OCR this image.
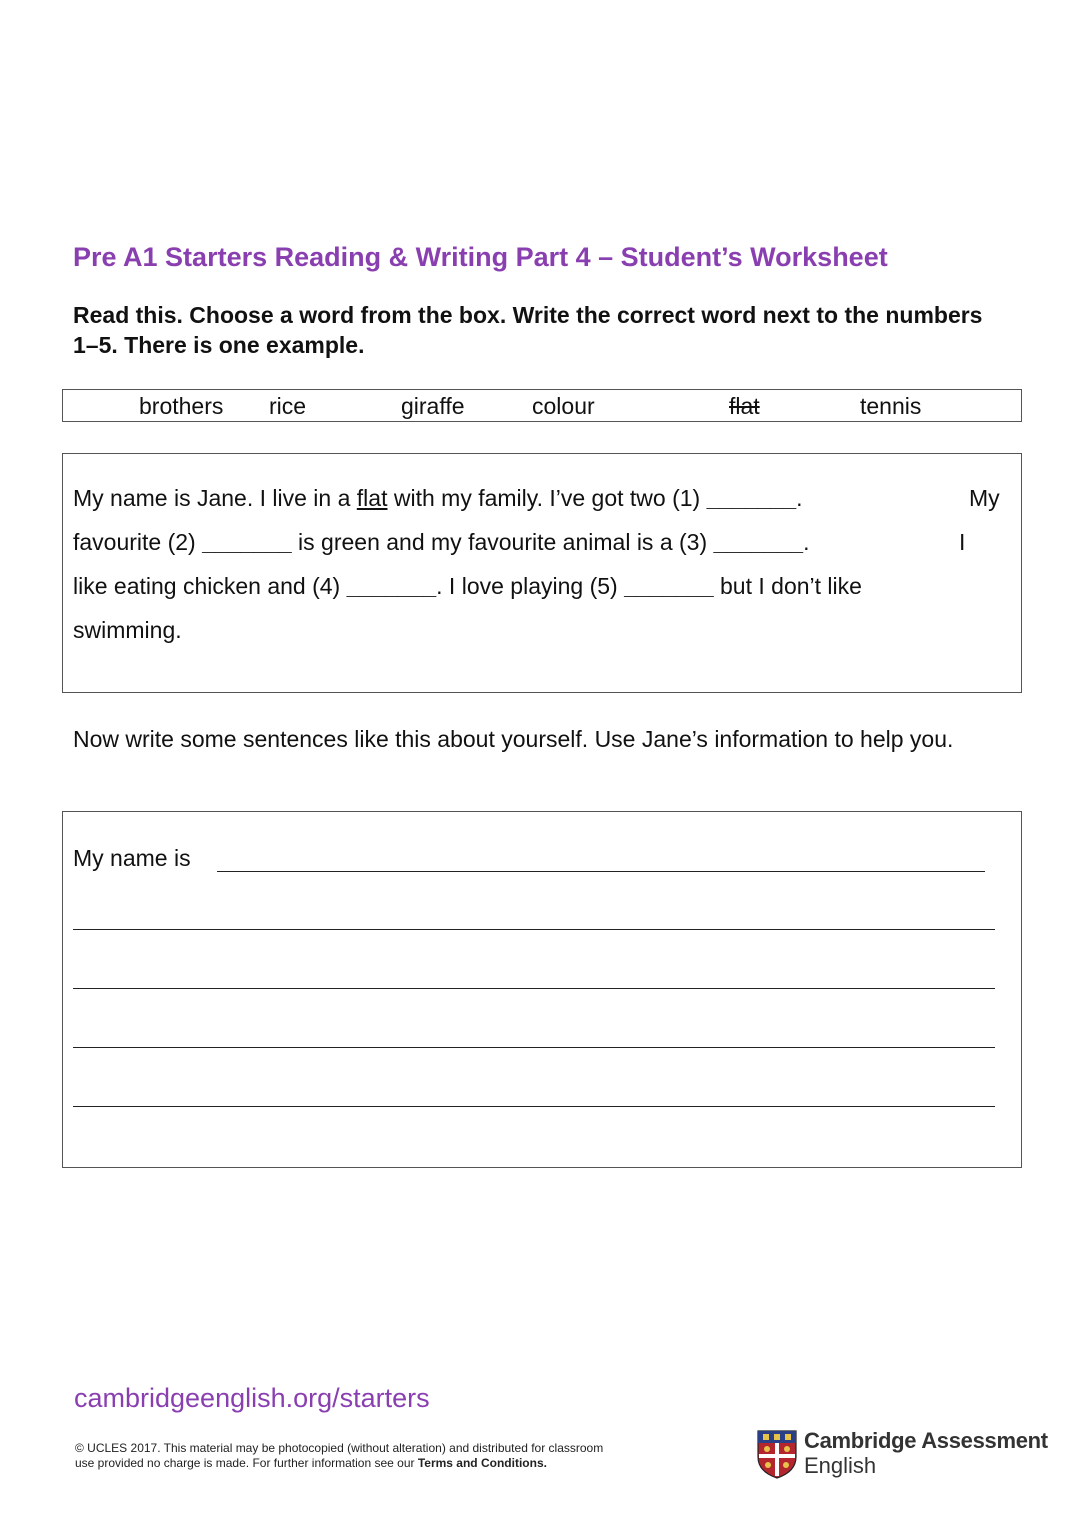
Pre A1 Starters Reading & Writing Part 4 – Student’s Worksheet
Read this. Choose a word from the box. Write the correct word next to the numbers 1–5. There is one example.
brothers rice	giraffe	colour	flat	tennis
My name is Jane. I live in a flat with my family. I’ve got two (1) _______.	My
favourite (2) _______ is green and my favourite animal is a (3) _______.	I
like eating chicken and (4) _______. I love playing (5) _______ but I don’t like
swimming.
Now write some sentences like this about yourself. Use Jane’s information to help you.
My name is
cambridgeenglish.org/starters
© UCLES 2017. This material may be photocopied (without alteration) and distributed for classroom
use provided no charge is made. For further information see our Terms and Conditions.
Cambridge Assessment
English
